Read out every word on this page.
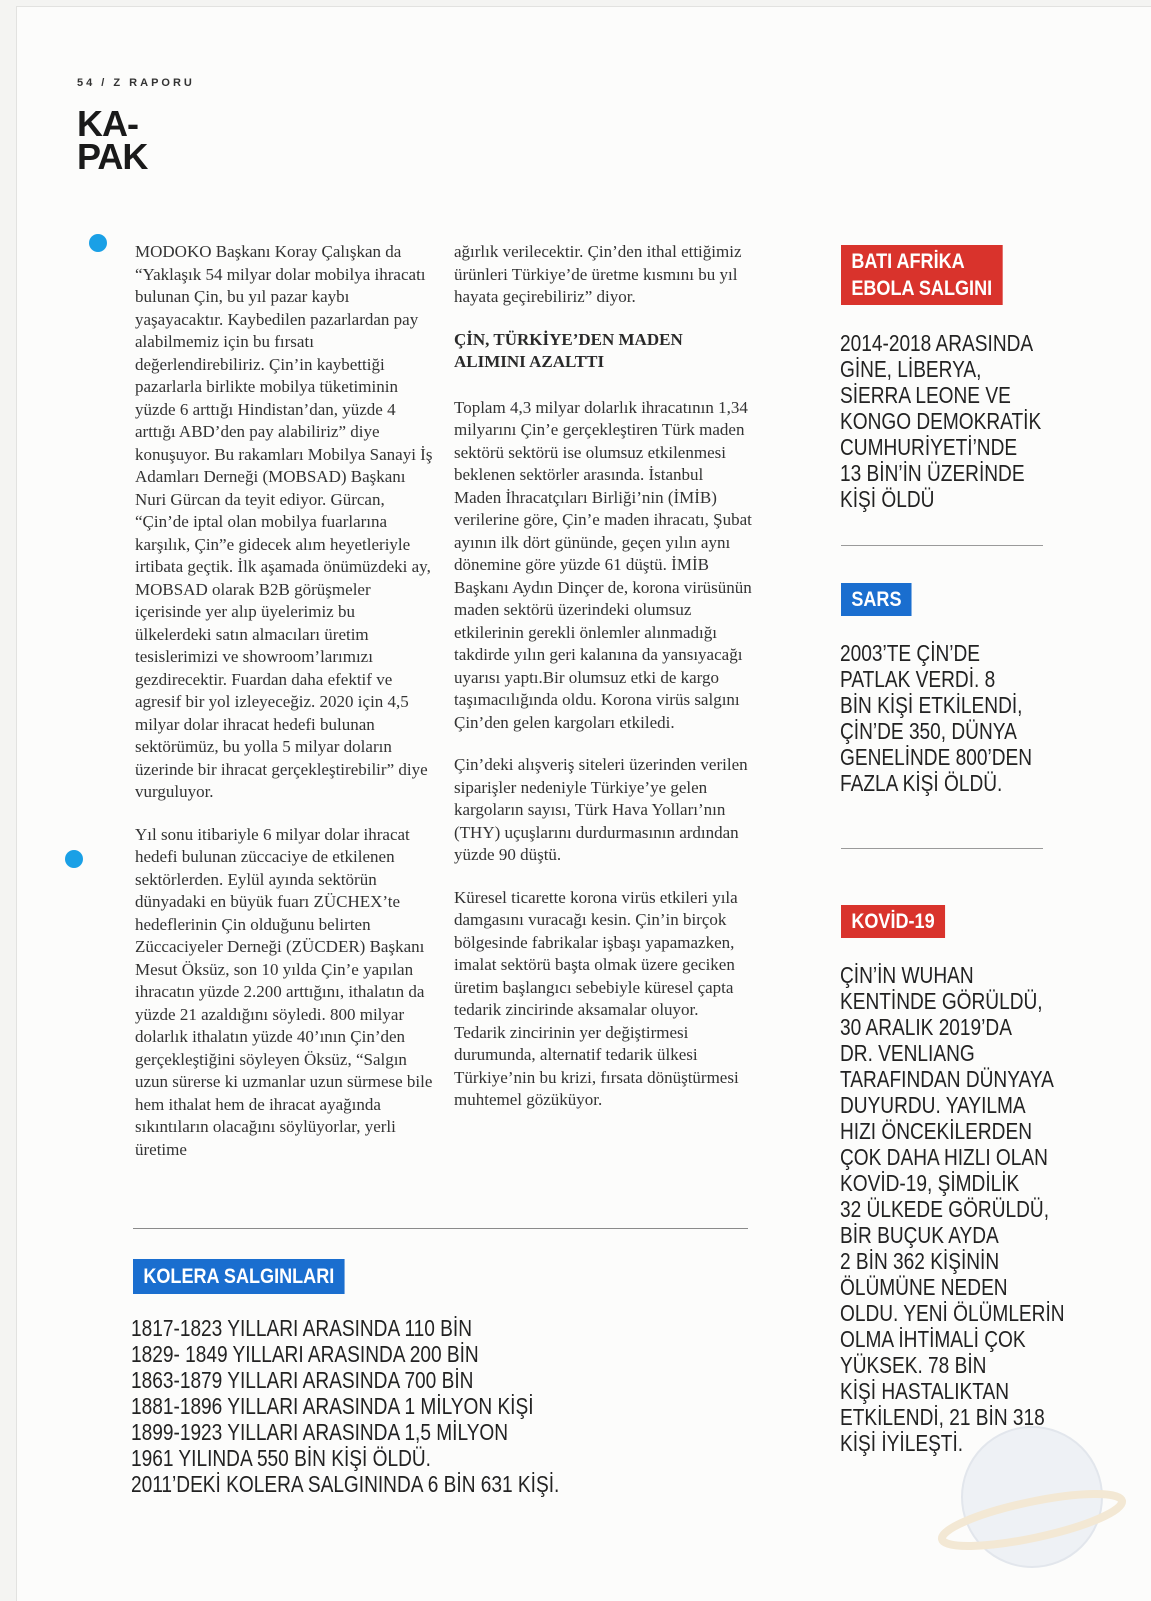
54 / Z RAPORU
KA-
PAK

MODOKO Başkanı Koray Çalışkan da “Yaklaşık 54 milyar dolar mobilya ihracatı bulunan Çin, bu yıl pazar kaybı yaşayacaktır. Kaybedilen pazarlardan pay alabilmemiz için bu fırsatı değerlendirebiliriz. Çin’in kaybettiği pazarlarla birlikte mobilya tüketiminin yüzde 6 arttığı Hindistan’dan, yüzde 4 arttığı ABD’den pay alabiliriz” diye konuşuyor. Bu rakamları Mobilya Sanayi İş Adamları Derneği (MOBSAD) Başkanı Nuri Gürcan da teyit ediyor. Gürcan, “Çin’de iptal olan mobilya fuarlarına karşılık, Çin”e gidecek alım heyetleriyle irtibata geçtik. İlk aşamada önümüzdeki ay, MOBSAD olarak B2B görüşmeler içerisinde yer alıp üyelerimiz bu ülkelerdeki satın almacıları üretim tesislerimizi ve showroom’larımızı gezdirecektir. Fuardan daha efektif ve agresif bir yol izleyeceğiz. 2020 için 4,5 milyar dolar ihracat hedefi bulunan sektörümüz, bu yolla 5 milyar doların üzerinde bir ihracat gerçekleştirebilir” diye vurguluyor.

Yıl sonu itibariyle 6 milyar dolar ihracat hedefi bulunan züccaciye de etkilenen sektörlerden. Eylül ayında sektörün dünyadaki en büyük fuarı ZÜCHEX’te hedeflerinin Çin olduğunu belirten Züccaciyeler Derneği (ZÜCDER) Başkanı Mesut Öksüz, son 10 yılda Çin’e yapılan ihracatın yüzde 2.200 arttığını, ithalatın da yüzde 21 azaldığını söyledi. 800 milyar dolarlık ithalatın yüzde 40’ının Çin’den gerçekleştiğini söyleyen Öksüz, “Salgın uzun sürerse ki uzmanlar uzun sürmese bile hem ithalat hem de ihracat ayağında sıkıntıların olacağını söylüyorlar, yerli üretime

ağırlık verilecektir. Çin’den ithal ettiğimiz ürünleri Türkiye’de üretme kısmını bu yıl hayata geçirebiliriz” diyor.

ÇİN, TÜRKİYE’DEN MADEN ALIMINI AZALTTI

Toplam 4,3 milyar dolarlık ihracatının 1,34 milyarını Çin’e gerçekleştiren Türk maden sektörü sektörü ise olumsuz etkilenmesi beklenen sektörler arasında. İstanbul Maden İhracatçıları Birliği’nin (İMİB) verilerine göre, Çin’e maden ihracatı, Şubat ayının ilk dört gününde, geçen yılın aynı dönemine göre yüzde 61 düştü. İMİB Başkanı Aydın Dinçer de, korona virüsünün maden sektörü üzerindeki olumsuz etkilerinin gerekli önlemler alınmadığı takdirde yılın geri kalanına da yansıyacağı uyarısı yaptı.Bir olumsuz etki de kargo taşımacılığında oldu. Korona virüs salgını Çin’den gelen kargoları etkiledi.

Çin’deki alışveriş siteleri üzerinden verilen siparişler nedeniyle Türkiye’ye gelen kargoların sayısı, Türk Hava Yolları’nın (THY) uçuşlarını durdurmasının ardından yüzde 90 düştü.

Küresel ticarette korona virüs etkileri yıla damgasını vuracağı kesin. Çin’in birçok bölgesinde fabrikalar işbaşı yapamazken, imalat sektörü başta olmak üzere geciken üretim başlangıcı sebebiyle küresel çapta tedarik zincirinde aksamalar oluyor. Tedarik zincirinin yer değiştirmesi durumunda, alternatif tedarik ülkesi Türkiye’nin bu krizi, fırsata dönüştürmesi muhtemel gözüküyor.

KOLERA SALGINLARI
1817-1823 YILLARI ARASINDA 110 BİN
1829- 1849 YILLARI ARASINDA 200 BİN
1863-1879 YILLARI ARASINDA 700 BİN
1881-1896 YILLARI ARASINDA 1 MİLYON KİŞİ
1899-1923 YILLARI ARASINDA 1,5 MİLYON
1961 YILINDA 550 BİN KİŞİ ÖLDÜ.
2011’DEKİ KOLERA SALGININDA 6 BİN 631 KİŞİ.
BATI AFRİKA
EBOLA SALGINI
2014-2018 ARASINDA
GİNE, LİBERYA,
SİERRA LEONE VE
KONGO DEMOKRATİK
CUMHURİYETİ’NDE
13 BİN’İN ÜZERİNDE
KİŞİ ÖLDÜ
SARS
2003’TE ÇİN’DE
PATLAK VERDİ. 8
BİN KİŞİ ETKİLENDİ,
ÇİN’DE 350, DÜNYA
GENELİNDE 800’DEN
FAZLA KİŞİ ÖLDÜ.
KOVİD-19
ÇİN’İN WUHAN
KENTİNDE GÖRÜLDÜ,
30 ARALIK 2019’DA
DR. VENLIANG
TARAFINDAN DÜNYAYA
DUYURDU. YAYILMA
HIZI ÖNCEKİLERDEN
ÇOK DAHA HIZLI OLAN
KOVİD-19, ŞİMDİLİK
32 ÜLKEDE GÖRÜLDÜ,
BİR BUÇUK AYDA
2 BİN 362 KİŞİNİN
ÖLÜMÜNE NEDEN
OLDU. YENİ ÖLÜMLERİN
OLMA İHTİMALİ ÇOK
YÜKSEK. 78 BİN
KİŞİ HASTALIKTAN
ETKİLENDİ, 21 BİN 318
KİŞİ İYİLEŞTİ.
